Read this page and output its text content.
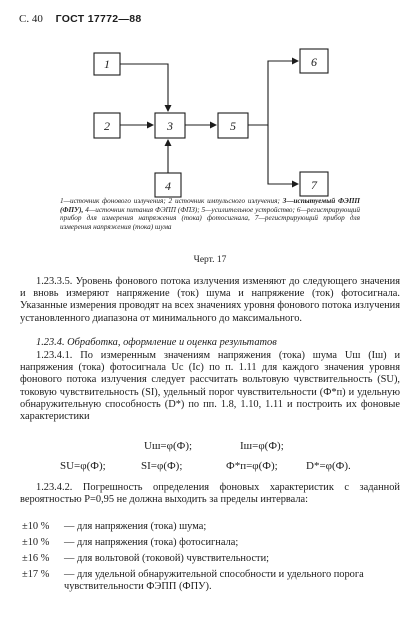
С. 40 ГОСТ 17772—88
1
2	3
4
5
6
7
1—источник фонового излучения; 2 источник импульсного излучения; 3—испытуемый ФЭПП (ФПУ), 4—источник питания ФЭПП (ФПЗ); 5—усилительное устройство; 6—регистрирующий прибор для измерения напряжения (тока) фотосигнала, 7—регистрирующий прибор для измерения напряжения (тока) шума
Черт. 17
1.23.3.5. Уровень фонового потока излучения изменяют до следующего значения и вновь измеряют напряжение (ток) шума и напряжение (ток) фотосигнала. Указанные измерения проводят на всех значениях уровня фонового потока излучения установленного диапазона от минимального до максимального.
1.23.4. Обработка, оформление и оценка результатов
1.23.4.1. По измеренным значениям напряжения (тока) шума Uш (Iш) и напряжения (тока) фотосигнала Uс (Iс) по п. 1.11 для каждого значения уровня фонового потока излучения следует рассчитать вольтовую чувствительность (SU), токовую чувствительность (SI), удельный порог чувствительности (Ф*п) и удельную обнаружительную способность (D*) по пп. 1.8, 1.10, 1.11 и построить их фоновые характеристики
Uш=φ(Ф);	Iш=φ(Ф);
SU=φ(Ф);	SI=φ(Ф);	Ф*п=φ(Ф);	D*=φ(Ф).
1.23.4.2. Погрешность определения фоновых характеристик с заданной вероятностью P=0,95 не должна выходить за пределы интервала:
±10 % — для напряжения (тока) шума;
±10 % — для напряжения (тока) фотосигнала;
±16 % — для вольтовой (токовой) чувствительности;
±17 % — для удельной обнаружительной способности и удельного порога чувствительности ФЭПП (ФПУ).
